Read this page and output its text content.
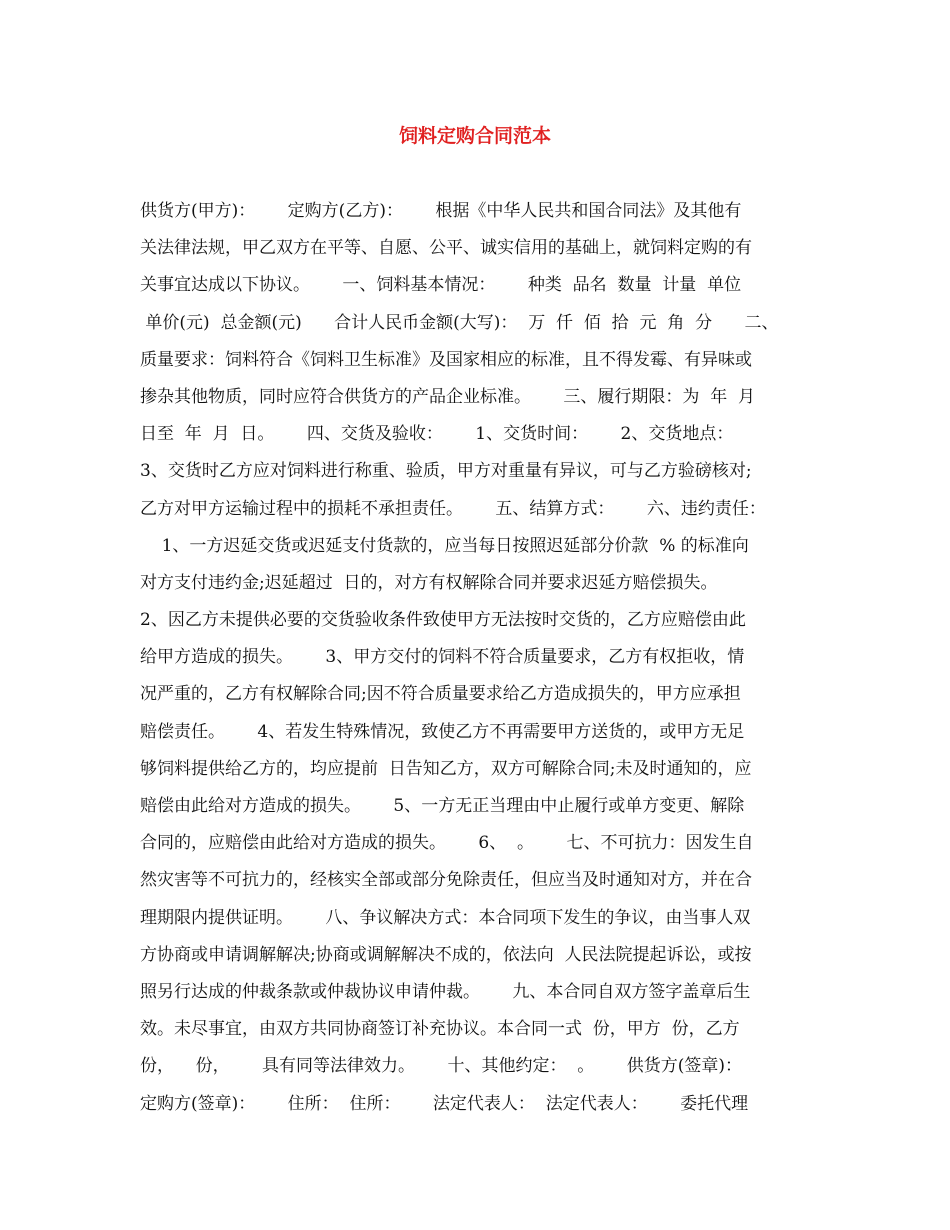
饲料定购合同范本
供货方(甲方)：      定购方(乙方)：      根据《中华人民共和国合同法》及其他有
关法律法规，甲乙双方在平等、自愿、公平、诚实信用的基础上，就饲料定购的有
关事宜达成以下协议。      一、饲料基本情况：      种类  品名  数量  计量  单位
单价(元)  总金额(元)      合计人民币金额(大写)：  万  仟  佰  拾  元  角  分      二、
质量要求：饲料符合《饲料卫生标准》及国家相应的标准，且不得发霉、有异味或
掺杂其他物质，同时应符合供货方的产品企业标准。      三、履行期限：为  年  月
日至  年  月  日。      四、交货及验收：      1、交货时间：      2、交货地点：
3、交货时乙方应对饲料进行称重、验质，甲方对重量有异议，可与乙方验磅核对;
乙方对甲方运输过程中的损耗不承担责任。      五、结算方式：      六、违约责任：
1、一方迟延交货或迟延支付货款的，应当每日按照迟延部分价款  % 的标准向
对方支付违约金;迟延超过  日的，对方有权解除合同并要求迟延方赔偿损失。
2、因乙方未提供必要的交货验收条件致使甲方无法按时交货的，乙方应赔偿由此
给甲方造成的损失。      3、甲方交付的饲料不符合质量要求，乙方有权拒收，情
况严重的，乙方有权解除合同;因不符合质量要求给乙方造成损失的，甲方应承担
赔偿责任。      4、若发生特殊情况，致使乙方不再需要甲方送货的，或甲方无足
够饲料提供给乙方的，均应提前  日告知乙方，双方可解除合同;未及时通知的，应
赔偿由此给对方造成的损失。      5、一方无正当理由中止履行或单方变更、解除
合同的，应赔偿由此给对方造成的损失。      6、  。      七、不可抗力：因发生自
然灾害等不可抗力的，经核实全部或部分免除责任，但应当及时通知对方，并在合
理期限内提供证明。      八、争议解决方式：本合同项下发生的争议，由当事人双
方协商或申请调解解决;协商或调解解决不成的，依法向  人民法院提起诉讼，或按
照另行达成的仲裁条款或仲裁协议申请仲裁。      九、本合同自双方签字盖章后生
效。未尽事宜，由双方共同协商签订补充协议。本合同一式  份，甲方  份，乙方
份，    份，      具有同等法律效力。      十、其他约定：  。      供货方(签章)：
定购方(签章)：      住所：  住所：      法定代表人：  法定代表人：      委托代理
